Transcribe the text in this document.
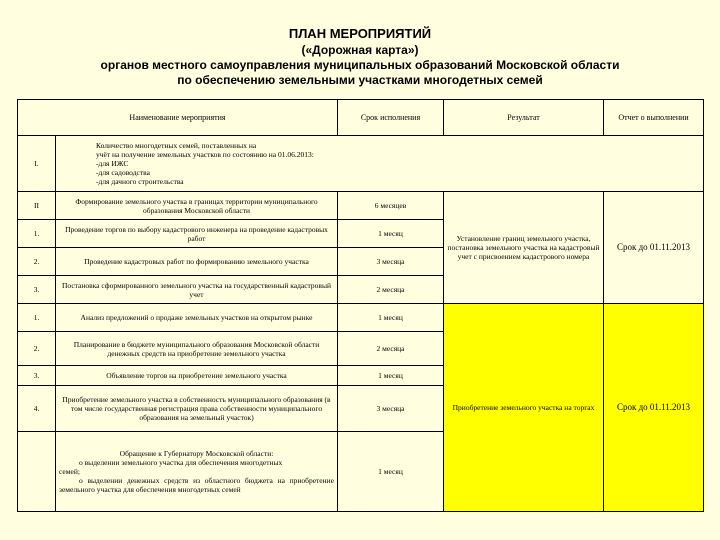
ПЛАН МЕРОПРИЯТИЙ
(«Дорожная карта»)
органов местного самоуправления муниципальных образований Московской области
по обеспечению земельными участками многодетных семей
Наименование мероприятия		Срок исполнения	Результат	Отчет о выполнении
I.	Количество многодетных семей, поставленных на
учёт на получение земельных участков по состоянию на 01.06.2013:
-для ИЖС
-для садоводства
-для дачного строительства			

II	Формирование земельного участка в границах территории муниципального образования Московской области	6 месяцев	Установление границ земельного участка, постановка земельного участка на кадастровый учет с присвоением кадастрового номера	Срок до 01.11.2013
1.	Проведение торгов по выбору кадастрового инженера на проведение кадастровых работ	1 месяц		
2.	Проведение кадастровых работ по формированию земельного участка	3 месяца		
3.	Постановка сформированного земельного участка на государственный кадастровый учет	2 месяца		
1.	Анализ предложений о продаже земельных участков на открытом рынке	1 месяц	Приобретение земельного участка на торгах	Срок до 01.11.2013
2.	Планирование в бюджете муниципального образования Московской области денежных средств на приобретение земельного участка	2 месяца		
3.	Объявление торгов на приобретение земельного участка	1 месяц		
4.	Приобретение земельного участка в собственность муниципального образования (в том числе государственная регистрация права собственности муниципального образования на земельный участок)	3 месяца		

	Обращение к Губернатору Московской области:
о выделении земельного участка для обеспечения многодетных
семей;
о выделении денежных средств из областного бюджета на приобретение земельного участка для обеспечения многодетных семей	1 месяц		
